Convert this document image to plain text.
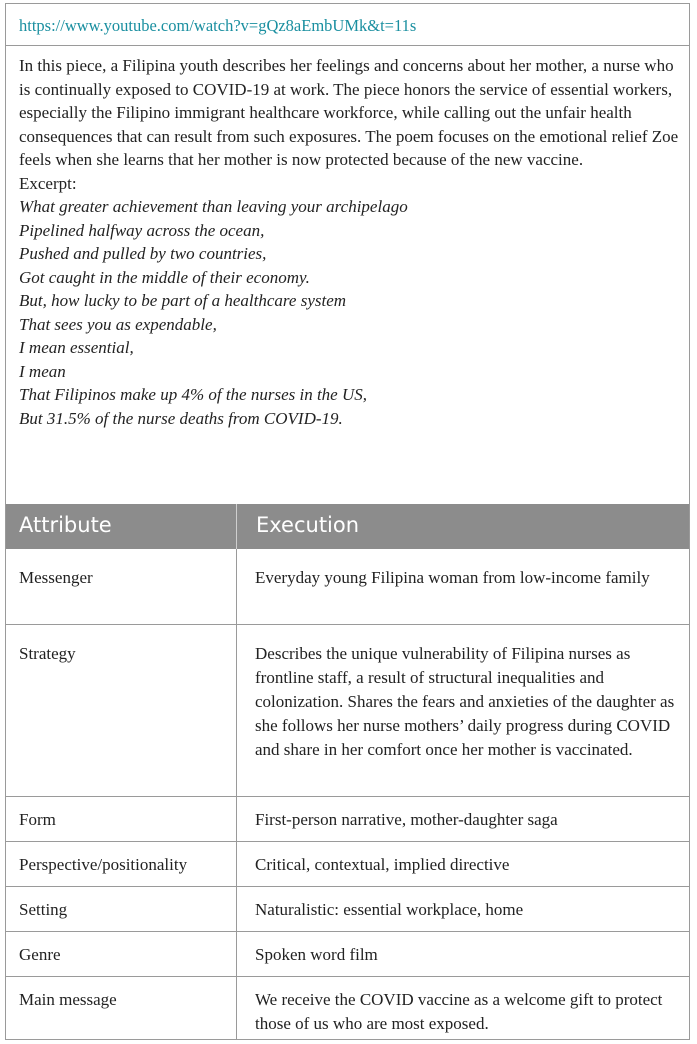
https://www.youtube.com/watch?v=gQz8aEmbUMk&t=11s

In this piece, a Filipina youth describes her feelings and concerns about her mother, a nurse who is continually exposed to COVID-19 at work. The piece honors the service of essential workers, especially the Filipino immigrant healthcare workforce, while calling out the unfair health consequences that can result from such exposures. The poem focuses on the emotional relief Zoe feels when she learns that her mother is now protected because of the new vaccine.

Excerpt:

What greater achievement than leaving your archipelago

Pipelined halfway across the ocean,

Pushed and pulled by two countries,

Got caught in the middle of their economy.

But, how lucky to be part of a healthcare system

That sees you as expendable,

I mean essential,

I mean

That Filipinos make up 4% of the nurses in the US,

But 31.5% of the nurse deaths from COVID-19.

Attribute	Execution
Messenger	Everyday young Filipina woman from low-income family
Strategy	Describes the unique vulnerability of Filipina nurses as frontline staff, a result of structural inequalities and colonization. Shares the fears and anxieties of the daughter as she follows her nurse mothers’ daily progress during COVID and share in her comfort once her mother is vaccinated.
Form	First-person narrative, mother-daughter saga
Perspective/positionality	Critical, contextual, implied directive
Setting	Naturalistic: essential workplace, home
Genre	Spoken word film
Main message	We receive the COVID vaccine as a welcome gift to protect those of us who are most exposed.
